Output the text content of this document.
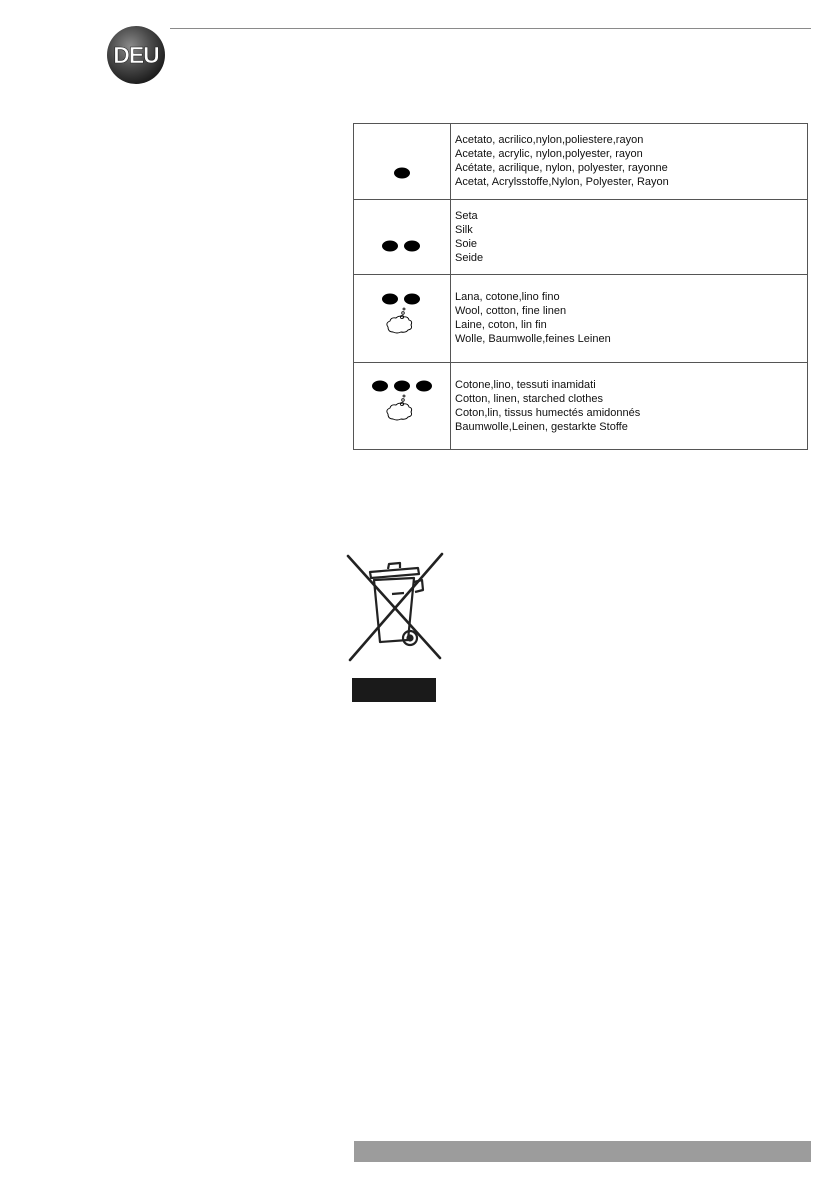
DEU

Acetato, acrilico,nylon,poliestere,rayon
Acetate, acrylic, nylon,polyester, rayon
Acétate, acrilique, nylon, polyester, rayonne
Acetat, Acrylsstoffe,Nylon, Polyester, Rayon

Seta
Silk
Soie
Seide

Lana, cotone,lino fino
Wool, cotton, fine linen
Laine, coton, lin fin
Wolle, Baumwolle,feines Leinen

Cotone,lino, tessuti inamidati
Cotton, linen, starched clothes
Coton,lin, tissus humectés amidonnés
Baumwolle,Leinen, gestarkte Stoffe
